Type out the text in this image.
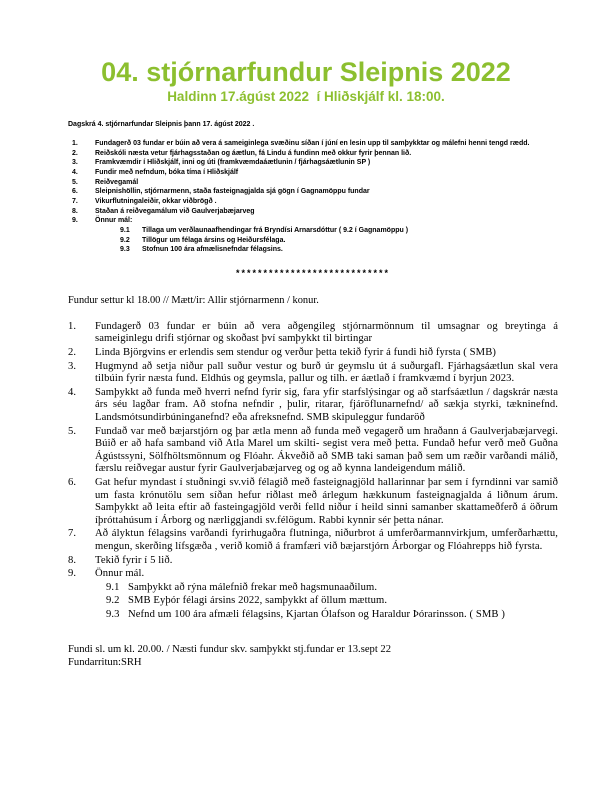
04. stjórnarfundur Sleipnis 2022
Haldinn 17.ágúst 2022  í Hliðskjálf kl. 18:00.
Dagskrá 4. stjórnarfundar Sleipnis þann 17. ágúst 2022 .
1.	Fundagerð 03 fundar er búin að vera á sameiginlega svæðinu síðan í júní en lesin upp til samþykktar og málefni henni tengd rædd.
2.	Reiðskóli næsta vetur fjárhagsstaðan og áætlun, fá Lindu á fundinn með okkur fyrir þennan lið.
3.	Framkvæmdir í Hliðskjálf, inni og úti (framkvæmdaáætlunin / fjárhagsáætlunin SP )
4.	Fundir með nefndum, bóka tíma í Hliðskjálf
5.	Reiðvegamál
6.	Sleipnishöllin, stjórnarmenn, staða fasteignagjalda sjá gögn í Gagnamöppu fundar
7.	Vikurflutningaleiðir, okkar viðbrögð .
8.	Staðan á reiðvegamálum við Gaulverjabæjarveg
9.	Önnur mál:
9.1	Tillaga um verðlaunaafhendingar frá Bryndísi Arnarsdóttur ( 9.2 í Gagnamöppu )
9.2	Tillögur um félaga ársins og Heiðursfélaga.
9.3	Stofnun 100 ára afmælisnefndar félagsins.
****************************
Fundur settur kl 18.00 // Mætt/ir: Allir stjórnarmenn / konur.
1.	Fundagerð 03 fundar er búin að vera aðgengileg stjórnarmönnum til umsagnar og breytinga á sameiginlegu drifi stjórnar og skoðast því samþykkt til birtingar
2.	Linda Björgvins er erlendis sem stendur og verður þetta tekið fyrir á fundi hið fyrsta ( SMB)
3.	Hugmynd að setja niður pall suður vestur og burð úr geymslu út á suðurgafl. Fjárhagsáætlun skal vera tilbúin fyrir næsta fund. Eldhús og geymsla, pallur og tilh. er áætlað í framkvæmd í byrjun 2023.
4.	Samþykkt að funda með hverri nefnd fyrir sig, fara yfir starfslýsingar og að starfsáætlun / dagskrár næsta árs séu lagðar fram. Að stofna nefndir , þulir, ritarar, fjáröflunarnefnd/ að sækja styrki, tækninefnd. Landsmótsundirbúninganefnd? eða afreksnefnd. SMB skipuleggur fundaröð
5.	Fundað var með bæjarstjórn og þar ætla menn að funda með vegagerð um hraðann á Gaulverjabæjarvegi. Búið er að hafa samband við Atla Marel um skilti- segist vera með þetta. Fundað hefur verð með Guðna Ágústssyni, Sölfhöltsmönnum og Flóahr. Ákveðið að SMB taki saman það sem um ræðir varðandi málið, færslu reiðvegar austur fyrir Gaulverjabæjarveg og og að kynna landeigendum málið.
6.	Gat hefur myndast í stuðningi sv.við félagið með fasteignagjöld hallarinnar þar sem í fyrndinni var samið um fasta krónutölu sem síðan hefur riðlast með árlegum hækkunum fasteignagjalda á liðnum árum. Samþykkt að leita eftir að fasteingagjöld verði felld niður í heild sinni samanber skattameðferð á öðrum íþróttahúsum í Árborg og nærliggjandi sv.félögum. Rabbi kynnir sér þetta nánar.
7.	Að ályktun félagsins varðandi fyrirhugaðra flutninga, niðurbrot á umferðarmannvirkjum, umferðarhættu, mengun, skerðing lífsgæða , verið komið á framfæri við bæjarstjórn Árborgar og Flóahrepps hið fyrsta.
8.	Tekið fyrir í 5 lið.
9.	Önnur mál.
9.1 Samþykkt að rýna málefnið frekar með hagsmunaaðilum.
9.2 SMB Eyþór félagi ársins 2022, samþykkt af öllum mættum.
9.3 Nefnd um 100 ára afmæli félagsins, Kjartan Ólafson og Haraldur Þórarinsson. ( SMB )
Fundi sl. um kl. 20.00. / Næsti fundur skv. samþykkt stj.fundar er 13.sept 22
Fundarritun:SRH
